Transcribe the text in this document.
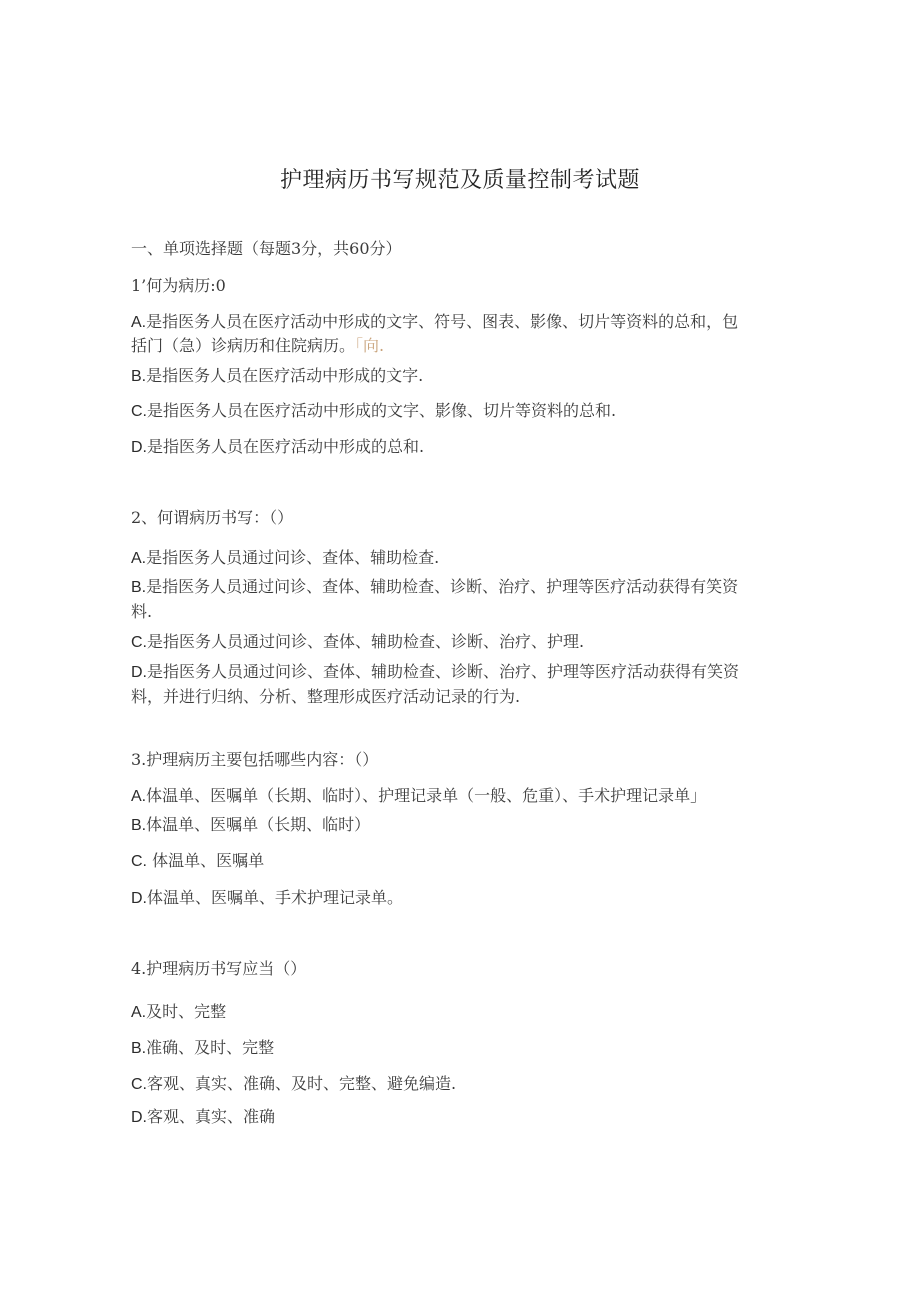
护理病历书写规范及质量控制考试题
一、单项选择题（每题3分，共60分）
1’何为病历:0
A.是指医务人员在医疗活动中形成的文字、符号、图表、影像、切片等资料的总和，包
括门（急）诊病历和住院病历。「向.
B.是指医务人员在医疗活动中形成的文字.
C.是指医务人员在医疗活动中形成的文字、影像、切片等资料的总和.
D.是指医务人员在医疗活动中形成的总和.
2、何谓病历书写：（）
A.是指医务人员通过问诊、查体、辅助检查.
B.是指医务人员通过问诊、查体、辅助检查、诊断、治疗、护理等医疗活动获得有笑资
料.
C.是指医务人员通过问诊、查体、辅助检查、诊断、治疗、护理.
D.是指医务人员通过问诊、查体、辅助检查、诊断、治疗、护理等医疗活动获得有笑资
料，并进行归纳、分析、整理形成医疗活动记录的行为.
3.护理病历主要包括哪些内容：（）
A.体温单、医嘱单（长期、临时）、护理记录单（一般、危重）、手术护理记录单」
B.体温单、医嘱单（长期、临时）
C. 体温单、医嘱单
D.体温单、医嘱单、手术护理记录单。
4.护理病历书写应当（）
A.及时、完整
B.准确、及时、完整
C.客观、真实、准确、及时、完整、避免编造.
D.客观、真实、准确
